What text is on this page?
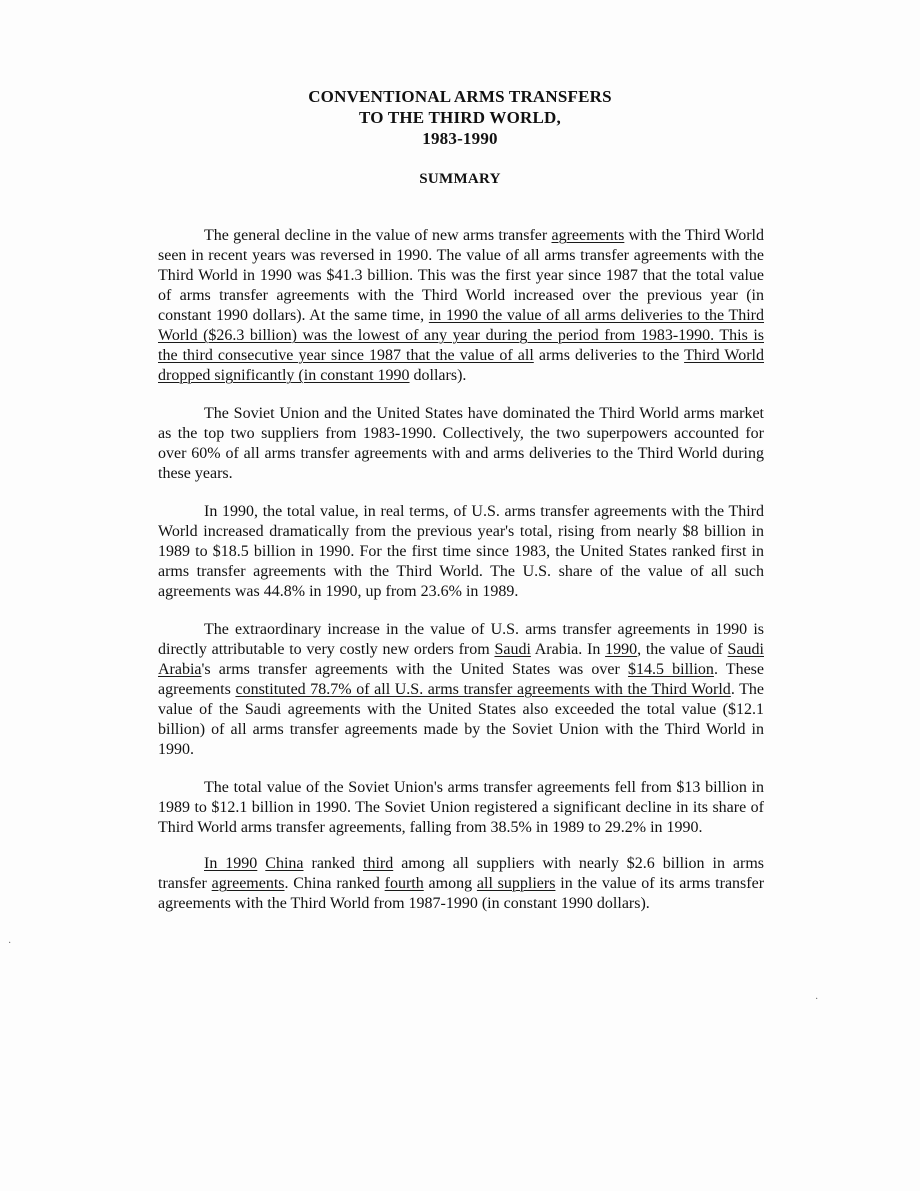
CONVENTIONAL ARMS TRANSFERS
TO THE THIRD WORLD,
1983-1990
SUMMARY

The general decline in the value of new arms transfer agreements with the Third World seen in recent years was reversed in 1990. The value of all arms transfer agreements with the Third World in 1990 was $41.3 billion. This was the first year since 1987 that the total value of arms transfer agreements with the Third World increased over the previous year (in constant 1990 dollars). At the same time, in 1990 the value of all arms deliveries to the Third World ($26.3 billion) was the lowest of any year during the period from 1983-1990. This is the third consecutive year since 1987 that the value of all arms deliveries to the Third World dropped significantly (in constant 1990 dollars).

The Soviet Union and the United States have dominated the Third World arms market as the top two suppliers from 1983-1990. Collectively, the two superpowers accounted for over 60% of all arms transfer agreements with and arms deliveries to the Third World during these years.

In 1990, the total value, in real terms, of U.S. arms transfer agreements with the Third World increased dramatically from the previous year's total, rising from nearly $8 billion in 1989 to $18.5 billion in 1990. For the first time since 1983, the United States ranked first in arms transfer agreements with the Third World. The U.S. share of the value of all such agreements was 44.8% in 1990, up from 23.6% in 1989.

The extraordinary increase in the value of U.S. arms transfer agreements in 1990 is directly attributable to very costly new orders from Saudi Arabia. In 1990, the value of Saudi Arabia's arms transfer agreements with the United States was over $14.5 billion. These agreements constituted 78.7% of all U.S. arms transfer agreements with the Third World. The value of the Saudi agreements with the United States also exceeded the total value ($12.1 billion) of all arms transfer agreements made by the Soviet Union with the Third World in 1990.

The total value of the Soviet Union's arms transfer agreements fell from $13 billion in 1989 to $12.1 billion in 1990. The Soviet Union registered a significant decline in its share of Third World arms transfer agreements, falling from 38.5% in 1989 to 29.2% in 1990.

In 1990 China ranked third among all suppliers with nearly $2.6 billion in arms transfer agreements. China ranked fourth among all suppliers in the value of its arms transfer agreements with the Third World from 1987-1990 (in constant 1990 dollars).

·
·
